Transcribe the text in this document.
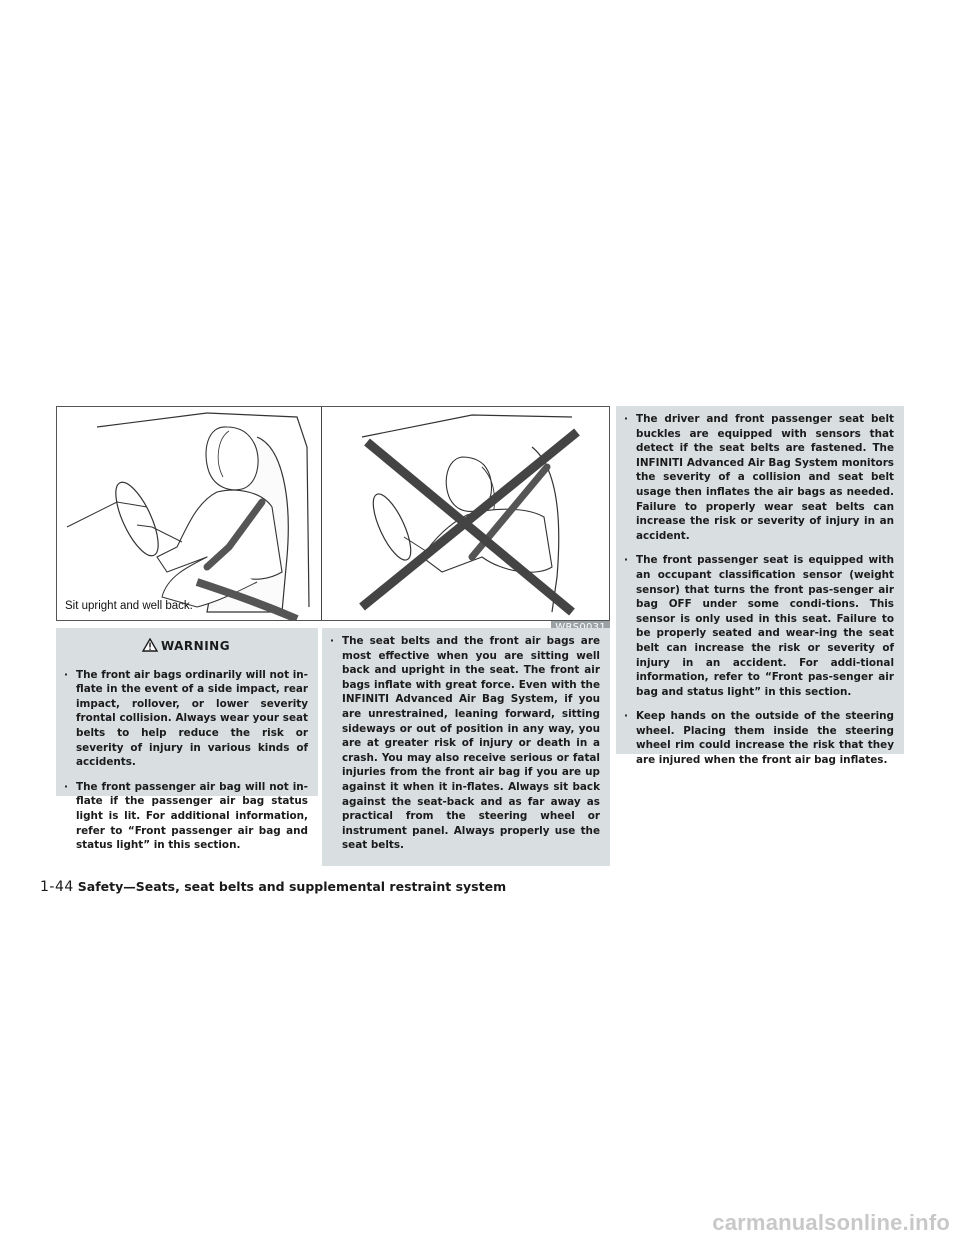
Sit upright and well back.
WARNING
· The front air bags ordinarily will not in-flate in the event of a side impact, rear impact, rollover, or lower severity frontal collision. Always wear your seat belts to help reduce the risk or severity of injury in various kinds of accidents.
· The front passenger air bag will not in-flate if the passenger air bag status light is lit. For additional information, refer to “Front passenger air bag and status light” in this section.
· The seat belts and the front air bags are most effective when you are sitting well back and upright in the seat. The front air bags inflate with great force. Even with the INFINITI Advanced Air Bag System, if you are unrestrained, leaning forward, sitting sideways or out of position in any way, you are at greater risk of injury or death in a crash. You may also receive serious or fatal injuries from the front air bag if you are up against it when it in-flates. Always sit back against the seat-back and as far away as practical from the steering wheel or instrument panel. Always properly use the seat belts.
· The driver and front passenger seat belt buckles are equipped with sensors that detect if the seat belts are fastened. The INFINITI Advanced Air Bag System monitors the severity of a collision and seat belt usage then inflates the air bags as needed. Failure to properly wear seat belts can increase the risk or severity of injury in an accident.
· The front passenger seat is equipped with an occupant classification sensor (weight sensor) that turns the front pas-senger air bag OFF under some condi-tions. This sensor is only used in this seat. Failure to be properly seated and wear-ing the seat belt can increase the risk or severity of injury in an accident. For addi-tional information, refer to “Front pas-senger air bag and status light” in this section.
· Keep hands on the outside of the steering wheel. Placing them inside the steering wheel rim could increase the risk that they are injured when the front air bag inflates.
1-44 Safety—Seats, seat belts and supplemental restraint system
carmanualsonline.info
